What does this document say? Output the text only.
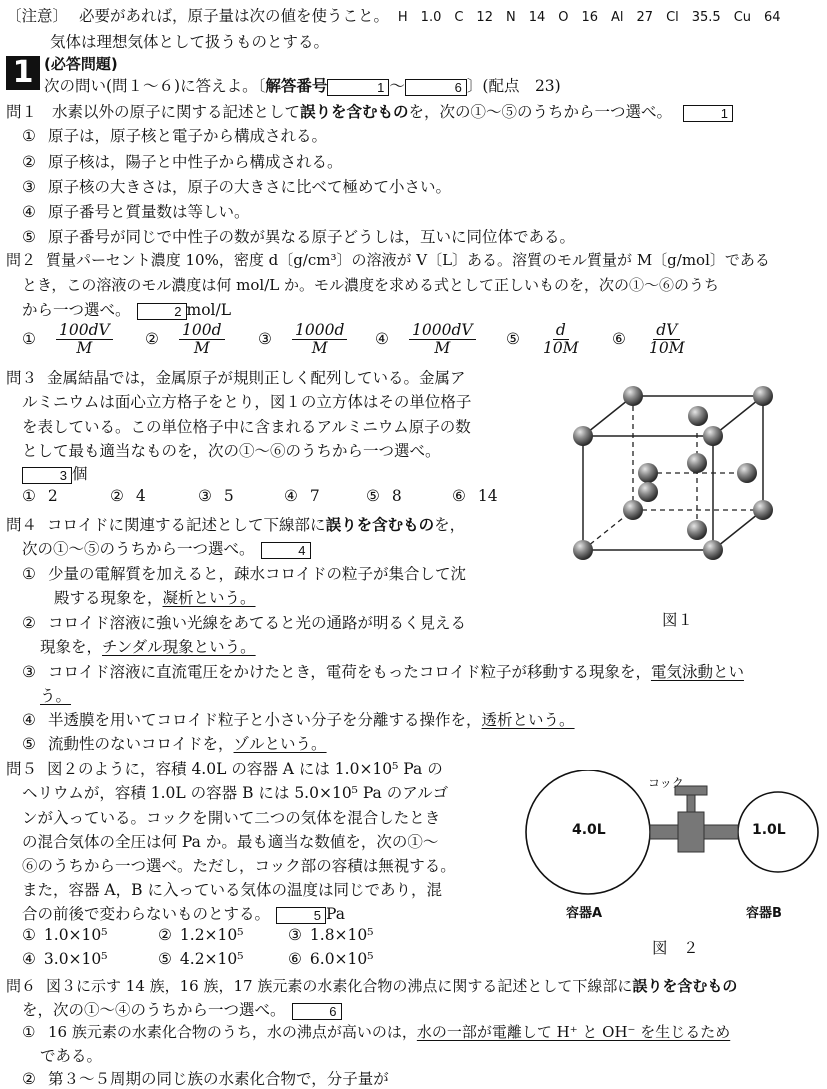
〔注意〕 必要があれば，原子量は次の値を使うこと。 H　1.0　C　12　N　14　O　16　Al　27　Cl　35.5　Cu　64
気体は理想気体として扱うものとする。
1 (必答問題)
次の問い(問１～６)に答えよ。〔解答番号	1 ～	6 〕(配点　23)
問１ 水素以外の原子に関する記述として誤りを含むものを，次の①～⑤のうちから一つ選べ。	1
① 原子は，原子核と電子から構成される。
② 原子核は，陽子と中性子から構成される。
③ 原子核の大きさは，原子の大きさに比べて極めて小さい。
④ 原子番号と質量数は等しい。
⑤ 原子番号が同じで中性子の数が異なる原子どうしは，互いに同位体である。
問２ 質量パーセント濃度 10%，密度 d〔g/cm³〕の溶液が V〔L〕ある。溶質のモル質量が M〔g/mol〕である
とき，この溶液のモル濃度は何 mol/L か。モル濃度を求める式として正しいものを，次の①～⑥のうち
から一つ選べ。	2 mol/L
① $\frac{100dV}{M}$ ② $\frac{100d}{M}$ ③ $\frac{1000d}{M}$ ④ $\frac{1000dV}{M}$ ⑤ $\frac{d}{10M}$ ⑥ $\frac{dV}{10M}$
問３ 金属結晶では，金属原子が規則正しく配列している。金属ア
ルミニウムは面心立方格子をとり，図１の立方体はその単位格子
を表している。この単位格子中に含まれるアルミニウム原子の数
として最も適当なものを，次の①～⑥のうちから一つ選べ。
3 個
① 2	② 4	③ 5	④ 7	⑤ 8	⑥ 14
図１
問４ コロイドに関連する記述として下線部に誤りを含むものを，
次の①～⑤のうちから一つ選べ。	4
① 少量の電解質を加えると，疎水コロイドの粒子が集合して沈
殿する現象を，凝析という。
② コロイド溶液に強い光線をあてると光の通路が明るく見える
現象を，チンダル現象という。
③ コロイド溶液に直流電圧をかけたとき，電荷をもったコロイド粒子が移動する現象を，電気泳動とい
う。
④ 半透膜を用いてコロイド粒子と小さい分子を分離する操作を，透析という。
⑤ 流動性のないコロイドを，ゾルという。
問５ 図２のように，容積 4.0L の容器 A には 1.0×10⁵ Pa の
ヘリウムが，容積 1.0L の容器 B には 5.0×10⁵ Pa のアルゴ
ンが入っている。コックを開いて二つの気体を混合したとき
の混合気体の全圧は何 Pa か。最も適当な数値を，次の①～
⑥のうちから一つ選べ。ただし，コック部の容積は無視する。
また，容器 A，B に入っている気体の温度は同じであり，混
合の前後で変わらないものとする。	5 Pa
① 1.0×10⁵	② 1.2×10⁵	③ 1.8×10⁵
④ 3.0×10⁵	⑤ 4.2×10⁵	⑥ 6.0×10⁵
コック
4.0L	1.0L
容器A	容器B
図　２
問６ 図３に示す 14 族，16 族，17 族元素の水素化合物の沸点に関する記述として下線部に誤りを含むもの
を，次の①～④のうちから一つ選べ。	6
① 16 族元素の水素化合物のうち，水の沸点が高いのは，水の一部が電離して H⁺ と OH⁻ を生じるため
である。
② 第３～５周期の同じ族の水素化合物で，分子量が
